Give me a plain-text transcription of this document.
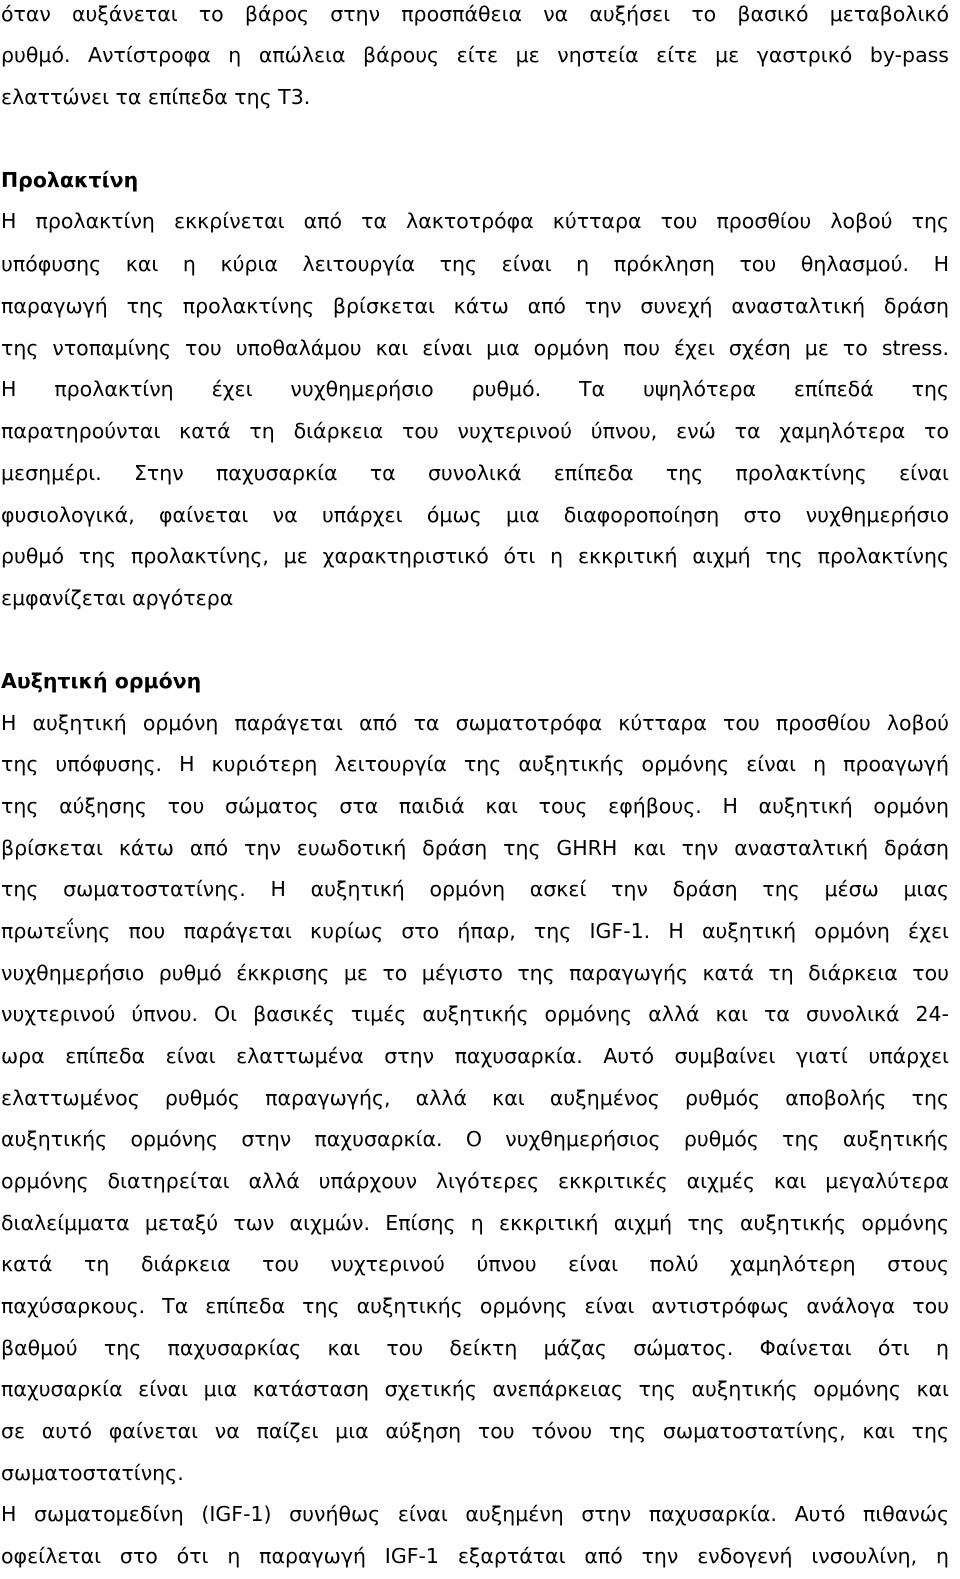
όταν αυξάνεται το βάρος στην προσπάθεια να αυξήσει το βασικό μεταβολικό
ρυθμό. Αντίστροφα η απώλεια βάρους είτε με νηστεία είτε με γαστρικό by-pass
ελαττώνει τα επίπεδα της Τ3.
Προλακτίνη
Η προλακτίνη εκκρίνεται από τα λακτοτρόφα κύτταρα του προσθίου λοβού της
υπόφυσης και η κύρια λειτουργία της είναι η πρόκληση του θηλασμού. Η
παραγωγή της προλακτίνης βρίσκεται κάτω από την συνεχή ανασταλτική δράση
της ντοπαμίνης του υποθαλάμου και είναι μια ορμόνη που έχει σχέση με το stress.
Η προλακτίνη έχει νυχθημερήσιο ρυθμό. Τα υψηλότερα επίπεδά της
παρατηρούνται κατά τη διάρκεια του νυχτερινού ύπνου, ενώ τα χαμηλότερα το
μεσημέρι. Στην παχυσαρκία τα συνολικά επίπεδα της προλακτίνης είναι
φυσιολογικά, φαίνεται να υπάρχει όμως μια διαφοροποίηση στο νυχθημερήσιο
ρυθμό της προλακτίνης, με χαρακτηριστικό ότι η εκκριτική αιχμή της προλακτίνης
εμφανίζεται αργότερα
Αυξητική ορμόνη
Η αυξητική ορμόνη παράγεται από τα σωματοτρόφα κύτταρα του προσθίου λοβού
της υπόφυσης. Η κυριότερη λειτουργία της αυξητικής ορμόνης είναι η προαγωγή
της αύξησης του σώματος στα παιδιά και τους εφήβους. Η αυξητική ορμόνη
βρίσκεται κάτω από την ευωδοτική δράση της GHRH και την ανασταλτική δράση
της σωματοστατίνης. Η αυξητική ορμόνη ασκεί την δράση της μέσω μιας
πρωτεΐνης που παράγεται κυρίως στο ήπαρ, της IGF-1. Η αυξητική ορμόνη έχει
νυχθημερήσιο ρυθμό έκκρισης με το μέγιστο της παραγωγής κατά τη διάρκεια του
νυχτερινού ύπνου. Οι βασικές τιμές αυξητικής ορμόνης αλλά και τα συνολικά 24-
ωρα επίπεδα είναι ελαττωμένα στην παχυσαρκία. Αυτό συμβαίνει γιατί υπάρχει
ελαττωμένος ρυθμός παραγωγής, αλλά και αυξημένος ρυθμός αποβολής της
αυξητικής ορμόνης στην παχυσαρκία. Ο νυχθημερήσιος ρυθμός της αυξητικής
ορμόνης διατηρείται αλλά υπάρχουν λιγότερες εκκριτικές αιχμές και μεγαλύτερα
διαλείμματα μεταξύ των αιχμών. Επίσης η εκκριτική αιχμή της αυξητικής ορμόνης
κατά τη διάρκεια του νυχτερινού ύπνου είναι πολύ χαμηλότερη στους
παχύσαρκους. Τα επίπεδα της αυξητικής ορμόνης είναι αντιστρόφως ανάλογα του
βαθμού της παχυσαρκίας και του δείκτη μάζας σώματος. Φαίνεται ότι η
παχυσαρκία είναι μια κατάσταση σχετικής ανεπάρκειας της αυξητικής ορμόνης και
σε αυτό φαίνεται να παίζει μια αύξηση του τόνου της σωματοστατίνης, και της
σωματοστατίνης.
Η σωματομεδίνη (IGF-1) συνήθως είναι αυξημένη στην παχυσαρκία. Αυτό πιθανώς
οφείλεται στο ότι η παραγωγή IGF-1 εξαρτάται από την ενδογενή ινσουλίνη, η
